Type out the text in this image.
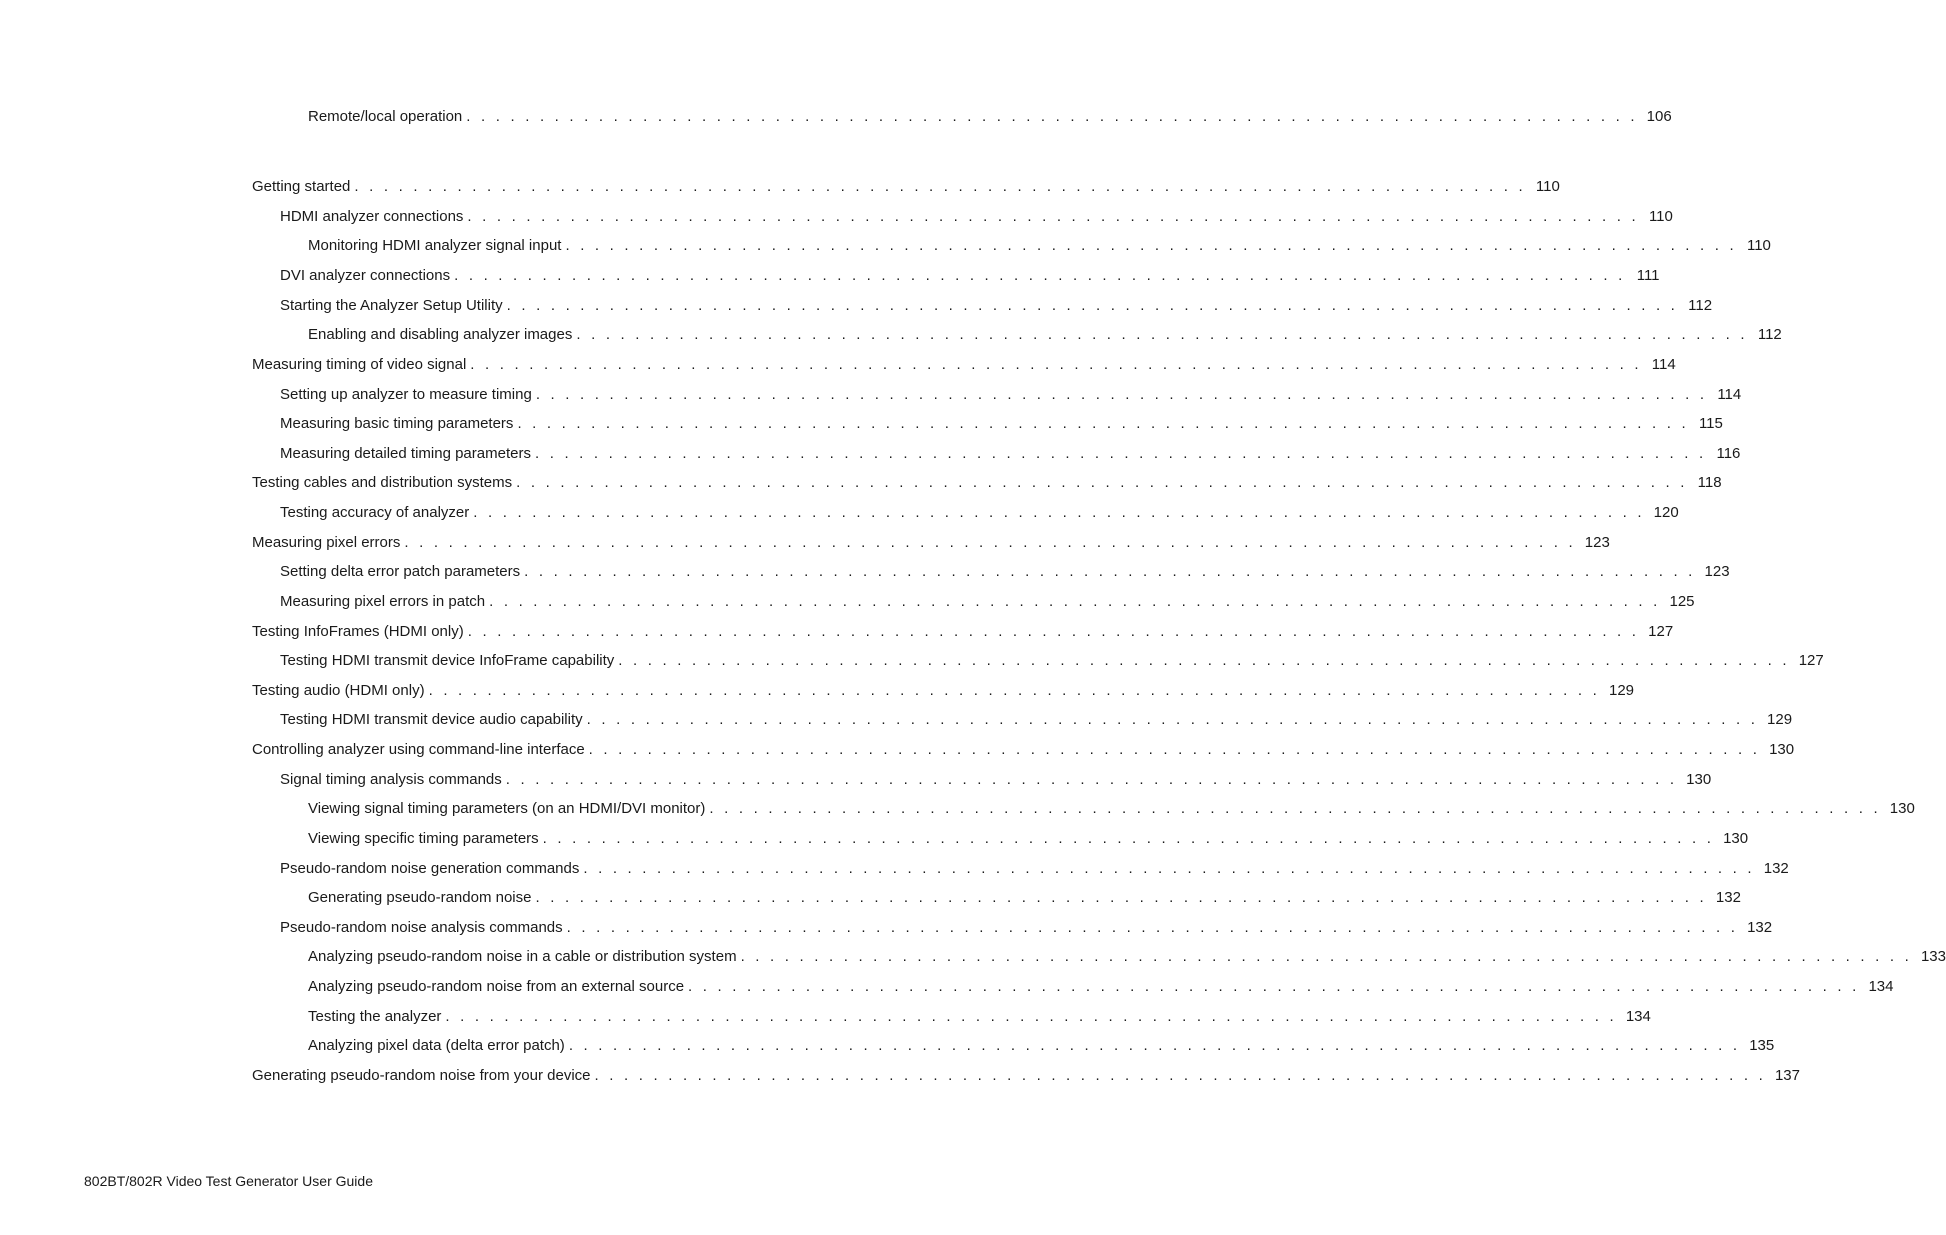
Remote/local operation . . . . . . . . . . . . . . . . . . . . . . . . . . . . . . . . . . . . . . . . . . . . . . . . . . . . . . . . . . . . . . . . . . . . . . . . . . . . . . . . 106
Getting started . . . . . . . . . . . . . . . . . . . . . . . . . . . . . . . . . . . . . . . . . . . . . . . . . . . . . . . . . . . . . . . . . . . . . . . . . . . . . . . . 110
HDMI analyzer connections . . . . . . . . . . . . . . . . . . . . . . . . . . . . . . . . . . . . . . . . . . . . . . . . . . . . . . . . . . . . . . . . . . . . . . . . . . . . . . . . 110
Monitoring HDMI analyzer signal input . . . . . . . . . . . . . . . . . . . . . . . . . . . . . . . . . . . . . . . . . . . . . . . . . . . . . . . . . . . . . . . . . . . . . . . . . . . . . . . . 110
DVI analyzer connections . . . . . . . . . . . . . . . . . . . . . . . . . . . . . . . . . . . . . . . . . . . . . . . . . . . . . . . . . . . . . . . . . . . . . . . . . . . . . . . . 111
Starting the Analyzer Setup Utility . . . . . . . . . . . . . . . . . . . . . . . . . . . . . . . . . . . . . . . . . . . . . . . . . . . . . . . . . . . . . . . . . . . . . . . . . . . . . . . . 112
Enabling and disabling analyzer images . . . . . . . . . . . . . . . . . . . . . . . . . . . . . . . . . . . . . . . . . . . . . . . . . . . . . . . . . . . . . . . . . . . . . . . . . . . . . . . . 112
Measuring timing of video signal . . . . . . . . . . . . . . . . . . . . . . . . . . . . . . . . . . . . . . . . . . . . . . . . . . . . . . . . . . . . . . . . . . . . . . . . . . . . . . . . 114
Setting up analyzer to measure timing . . . . . . . . . . . . . . . . . . . . . . . . . . . . . . . . . . . . . . . . . . . . . . . . . . . . . . . . . . . . . . . . . . . . . . . . . . . . . . . . 114
Measuring basic timing parameters . . . . . . . . . . . . . . . . . . . . . . . . . . . . . . . . . . . . . . . . . . . . . . . . . . . . . . . . . . . . . . . . . . . . . . . . . . . . . . . . 115
Measuring detailed timing parameters . . . . . . . . . . . . . . . . . . . . . . . . . . . . . . . . . . . . . . . . . . . . . . . . . . . . . . . . . . . . . . . . . . . . . . . . . . . . . . . . 116
Testing cables and distribution systems . . . . . . . . . . . . . . . . . . . . . . . . . . . . . . . . . . . . . . . . . . . . . . . . . . . . . . . . . . . . . . . . . . . . . . . . . . . . . . . . 118
Testing accuracy of analyzer . . . . . . . . . . . . . . . . . . . . . . . . . . . . . . . . . . . . . . . . . . . . . . . . . . . . . . . . . . . . . . . . . . . . . . . . . . . . . . . . 120
Measuring pixel errors . . . . . . . . . . . . . . . . . . . . . . . . . . . . . . . . . . . . . . . . . . . . . . . . . . . . . . . . . . . . . . . . . . . . . . . . . . . . . . . . 123
Setting delta error patch parameters . . . . . . . . . . . . . . . . . . . . . . . . . . . . . . . . . . . . . . . . . . . . . . . . . . . . . . . . . . . . . . . . . . . . . . . . . . . . . . . . 123
Measuring pixel errors in patch . . . . . . . . . . . . . . . . . . . . . . . . . . . . . . . . . . . . . . . . . . . . . . . . . . . . . . . . . . . . . . . . . . . . . . . . . . . . . . . . 125
Testing InfoFrames (HDMI only) . . . . . . . . . . . . . . . . . . . . . . . . . . . . . . . . . . . . . . . . . . . . . . . . . . . . . . . . . . . . . . . . . . . . . . . . . . . . . . . . 127
Testing HDMI transmit device InfoFrame capability . . . . . . . . . . . . . . . . . . . . . . . . . . . . . . . . . . . . . . . . . . . . . . . . . . . . . . . . . . . . . . . . . . . . . . . . . . . . . . . . 127
Testing audio (HDMI only) . . . . . . . . . . . . . . . . . . . . . . . . . . . . . . . . . . . . . . . . . . . . . . . . . . . . . . . . . . . . . . . . . . . . . . . . . . . . . . . . 129
Testing HDMI transmit device audio capability . . . . . . . . . . . . . . . . . . . . . . . . . . . . . . . . . . . . . . . . . . . . . . . . . . . . . . . . . . . . . . . . . . . . . . . . . . . . . . . . 129
Controlling analyzer using command-line interface . . . . . . . . . . . . . . . . . . . . . . . . . . . . . . . . . . . . . . . . . . . . . . . . . . . . . . . . . . . . . . . . . . . . . . . . . . . . . . . . 130
Signal timing analysis commands . . . . . . . . . . . . . . . . . . . . . . . . . . . . . . . . . . . . . . . . . . . . . . . . . . . . . . . . . . . . . . . . . . . . . . . . . . . . . . . . 130
Viewing signal timing parameters (on an HDMI/DVI monitor) . . . . . . . . . . . . . . . . . . . . . . . . . . . . . . . . . . . . . . . . . . . . . . . . . . . . . . . . . . . . . . . . . . . . . . . . . . . . . . . . 130
Viewing specific timing parameters . . . . . . . . . . . . . . . . . . . . . . . . . . . . . . . . . . . . . . . . . . . . . . . . . . . . . . . . . . . . . . . . . . . . . . . . . . . . . . . . 130
Pseudo-random noise generation commands . . . . . . . . . . . . . . . . . . . . . . . . . . . . . . . . . . . . . . . . . . . . . . . . . . . . . . . . . . . . . . . . . . . . . . . . . . . . . . . . 132
Generating pseudo-random noise . . . . . . . . . . . . . . . . . . . . . . . . . . . . . . . . . . . . . . . . . . . . . . . . . . . . . . . . . . . . . . . . . . . . . . . . . . . . . . . . 132
Pseudo-random noise analysis commands . . . . . . . . . . . . . . . . . . . . . . . . . . . . . . . . . . . . . . . . . . . . . . . . . . . . . . . . . . . . . . . . . . . . . . . . . . . . . . . . 132
Analyzing pseudo-random noise in a cable or distribution system . . . . . . . . . . . . . . . . . . . . . . . . . . . . . . . . . . . . . . . . . . . . . . . . . . . . . . . . . . . . . . . . . . . . . . . . . . . . . . . . 133
Analyzing pseudo-random noise from an external source . . . . . . . . . . . . . . . . . . . . . . . . . . . . . . . . . . . . . . . . . . . . . . . . . . . . . . . . . . . . . . . . . . . . . . . . . . . . . . . . 134
Testing the analyzer . . . . . . . . . . . . . . . . . . . . . . . . . . . . . . . . . . . . . . . . . . . . . . . . . . . . . . . . . . . . . . . . . . . . . . . . . . . . . . . . 134
Analyzing pixel data (delta error patch) . . . . . . . . . . . . . . . . . . . . . . . . . . . . . . . . . . . . . . . . . . . . . . . . . . . . . . . . . . . . . . . . . . . . . . . . . . . . . . . . 135
Generating pseudo-random noise from your device . . . . . . . . . . . . . . . . . . . . . . . . . . . . . . . . . . . . . . . . . . . . . . . . . . . . . . . . . . . . . . . . . . . . . . . . . . . . . . . . 137
802BT/802R Video Test Generator User Guide
